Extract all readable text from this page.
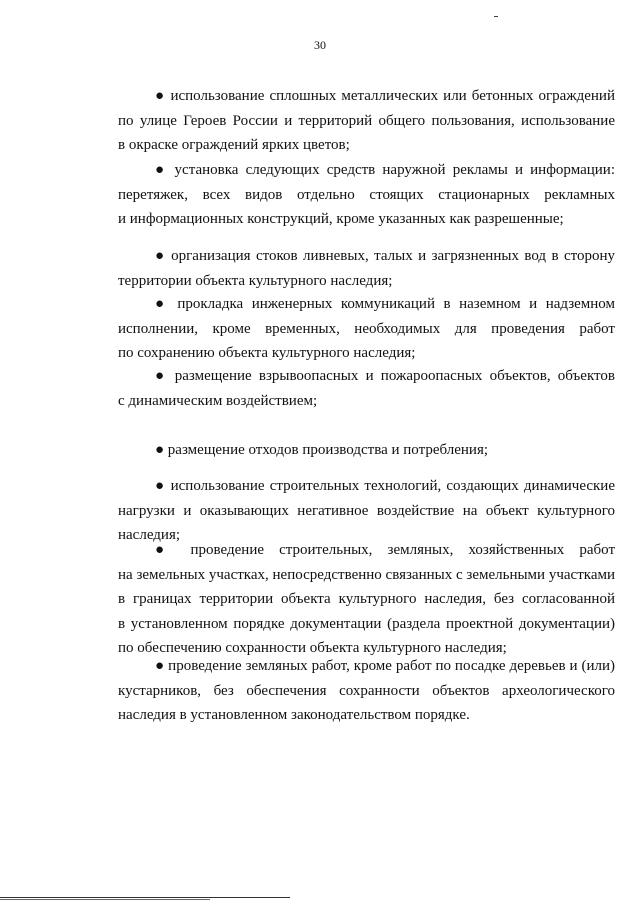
30
● использование сплошных металлических или бетонных ограждений
по улице Героев России и территорий общего пользования, использование
в окраске ограждений ярких цветов;
● установка следующих средств наружной рекламы и информации:
перетяжек, всех видов отдельно стоящих стационарных рекламных
и информационных конструкций, кроме указанных как разрешенные;
● организация стоков ливневых, талых и загрязненных вод в сторону
территории объекта культурного наследия;
● прокладка инженерных коммуникаций в наземном и надземном
исполнении, кроме временных, необходимых для проведения работ
по сохранению объекта культурного наследия;
● размещение взрывоопасных и пожароопасных объектов, объектов
с динамическим воздействием;
● размещение отходов производства и потребления;
● использование строительных технологий, создающих динамические
нагрузки и оказывающих негативное воздействие на объект культурного
наследия;
● проведение строительных, земляных, хозяйственных работ
на земельных участках, непосредственно связанных с земельными участками
в границах территории объекта культурного наследия, без согласованной
в установленном порядке документации (раздела проектной документации)
по обеспечению сохранности объекта культурного наследия;
● проведение земляных работ, кроме работ по посадке деревьев и (или)
кустарников, без обеспечения сохранности объектов археологического
наследия в установленном законодательством порядке.
